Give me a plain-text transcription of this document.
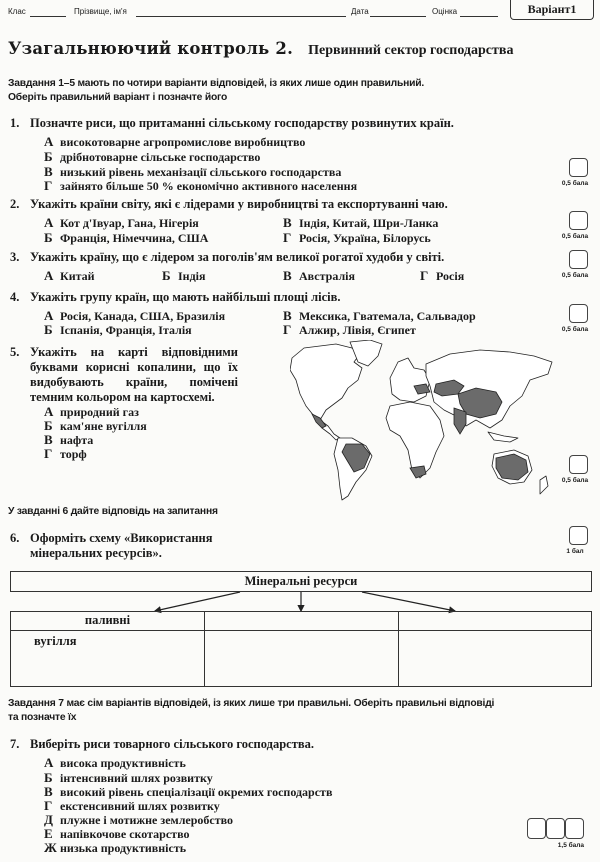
Клас	Прізвище, ім'я	Дата	Оцінка	Варіант1
Узагальнюючий контроль 2. Первинний сектор господарства
Завдання 1–5 мають по чотири варіанти відповідей, із яких лише один правильний.
Оберіть правильний варіант і позначте його
1. Позначте риси, що притаманні сільському господарству розвинутих країн.
А високотоварне агропромислове виробництво
Б дрібнотоварне сільське господарство
В низький рівень механізації сільського господарства
Г зайнято більше 50 % економічно активного населення	0,5 бала
2. Укажіть країни світу, які є лідерами у виробництві та експортуванні чаю.
А Кот д'Івуар, Гана, Нігерія
Б Франція, Німеччина, США
В Індія, Китай, Шри-Ланка
Г Росія, Україна, Білорусь	0,5 бала
3. Укажіть країну, що є лідером за поголів'ям великої рогатої худоби у світі.
А Китай	Б Індія	В Австралія	Г Росія	0,5 бала
4. Укажіть групу країн, що мають найбільші площі лісів.
А Росія, Канада, США, Бразилія
Б Іспанія, Франція, Італія
В Мексика, Гватемала, Сальвадор
Г Алжир, Лівія, Єгипет	0,5 бала
5. Укажіть на карті відповідними буквами корисні копалини, що їх видобувають країни, помічені темним кольором на картосхемі.
А природний газ
Б кам'яне вугілля
В нафта
Г торф
0,5 бала
У завданні 6 дайте відповідь на запитання
6. Оформіть схему «Використання
мінеральних ресурсів».	1 бал
Мінеральні ресурси
паливні
вугілля
Завдання 7 має сім варіантів відповідей, із яких лише три правильні. Оберіть правильні відповіді
та позначте їх
7. Виберіть риси товарного сільського господарства.
А висока продуктивність
Б інтенсивний шлях розвитку
В високий рівень спеціалізації окремих господарств
Г екстенсивний шлях розвитку
Д плужне і мотижне землеробство
Е напівкочове скотарство
Ж низька продуктивність	1,5 бала
